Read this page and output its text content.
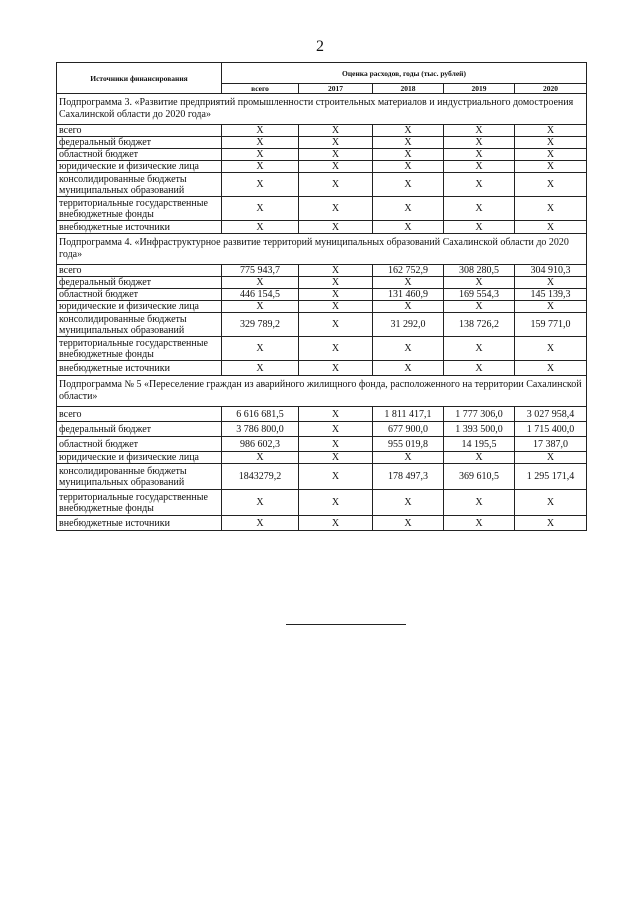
2
Источники финансирования	Оценка расходов, годы (тыс. рублей)				
	всего	2017	2018	2019	2020
Подпрограмма 3. «Развитие предприятий промышленности строительных материалов и индустриального домостроения Сахалинской области до 2020 года»					
всего	X	X	X	X	X
федеральный бюджет	X	X	X	X	X
областной бюджет	X	X	X	X	X
юридические и физические лица	X	X	X	X	X
консолидированные бюджеты муниципальных образований	X	X	X	X	X
территориальные государственные внебюджетные фонды	X	X	X	X	X
внебюджетные источники	X	X	X	X	X
Подпрограмма 4. «Инфраструктурное развитие территорий муниципальных образований Сахалинской области до 2020 года»					
всего	775 943,7	X	162 752,9	308 280,5	304 910,3
федеральный бюджет	X	X	X	X	X
областной бюджет	446 154,5	X	131 460,9	169 554,3	145 139,3
юридические и физические лица	X	X	X	X	X
консолидированные бюджеты муниципальных образований	329 789,2	X	31 292,0	138 726,2	159 771,0
территориальные государственные внебюджетные фонды	X	X	X	X	X
внебюджетные источники	X	X	X	X	X
Подпрограмма № 5 «Переселение граждан из аварийного жилищного фонда, расположенного на территории Сахалинской области»					
всего	6 616 681,5	X	1 811 417,1	1 777 306,0	3 027 958,4
федеральный бюджет	3 786 800,0	X	677 900,0	1 393 500,0	1 715 400,0
областной бюджет	986 602,3	X	955 019,8	14 195,5	17 387,0
юридические и физические лица	X	X	X	X	X
консолидированные бюджеты муниципальных образований	1843279,2	X	178 497,3	369 610,5	1 295 171,4
территориальные государственные внебюджетные фонды	X	X	X	X	X
внебюджетные источники	X	X	X	X	X
